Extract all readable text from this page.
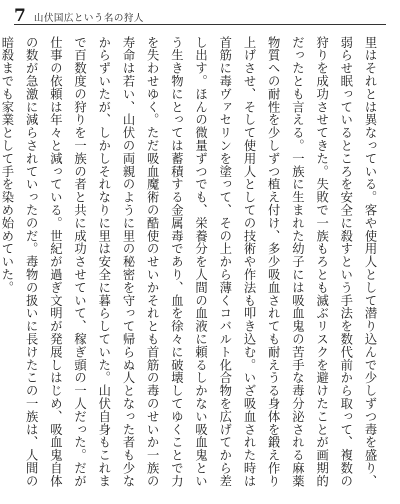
7 山伏国広という名の狩人

里はそれとは異なっている。客や使用人として潜り込んで少しずつ毒を盛り、弱らせ眠っているところを安全に殺すという手法を数代前から取って、複数の狩りを成功させてきた。失敗で一族もろとも滅ぶリスクを避けたことが画期的だったとも言える。一族に生まれた幼子には吸血鬼の苦手な毒分泌される麻薬物質への耐性を少しずつ植え付け、多少吸血されても耐えうる身体を鍛え作り上げさせ、そして使用人としての技術や作法も叩き込む。いざ吸血された時は首筋に毒ヴァセリンを塗って、その上から薄くコバルト化合物を広げてから差し出す。ほんの微量ずつでも、栄養分を人間の血液に頼るしかない吸血鬼という生き物にとっては蓄積する金属毒であり、血を徐々に破壊してゆくことで力を失わせゆく。ただ吸血魔術の酷使のせいかそれとも首筋の毒のせいか一族の寿命は若い、山伏の両親のように里の秘密を守って帰らぬ人となった者も少なからずいたが、しかしそれなりに里は安全に暮らしていた。山伏自身もこれまで百数度の狩りを一族の者と共に成功させていて、稼ぎ頭の一人だった。だが仕事の依頼は年々と減っている。世紀が過ぎ文明が発展しはじめ、吸血鬼自体の数が急激に減らされていったのだ。毒物の扱いに長けたこの一族は、人間の暗殺までも家業として手を染め始めていた。
